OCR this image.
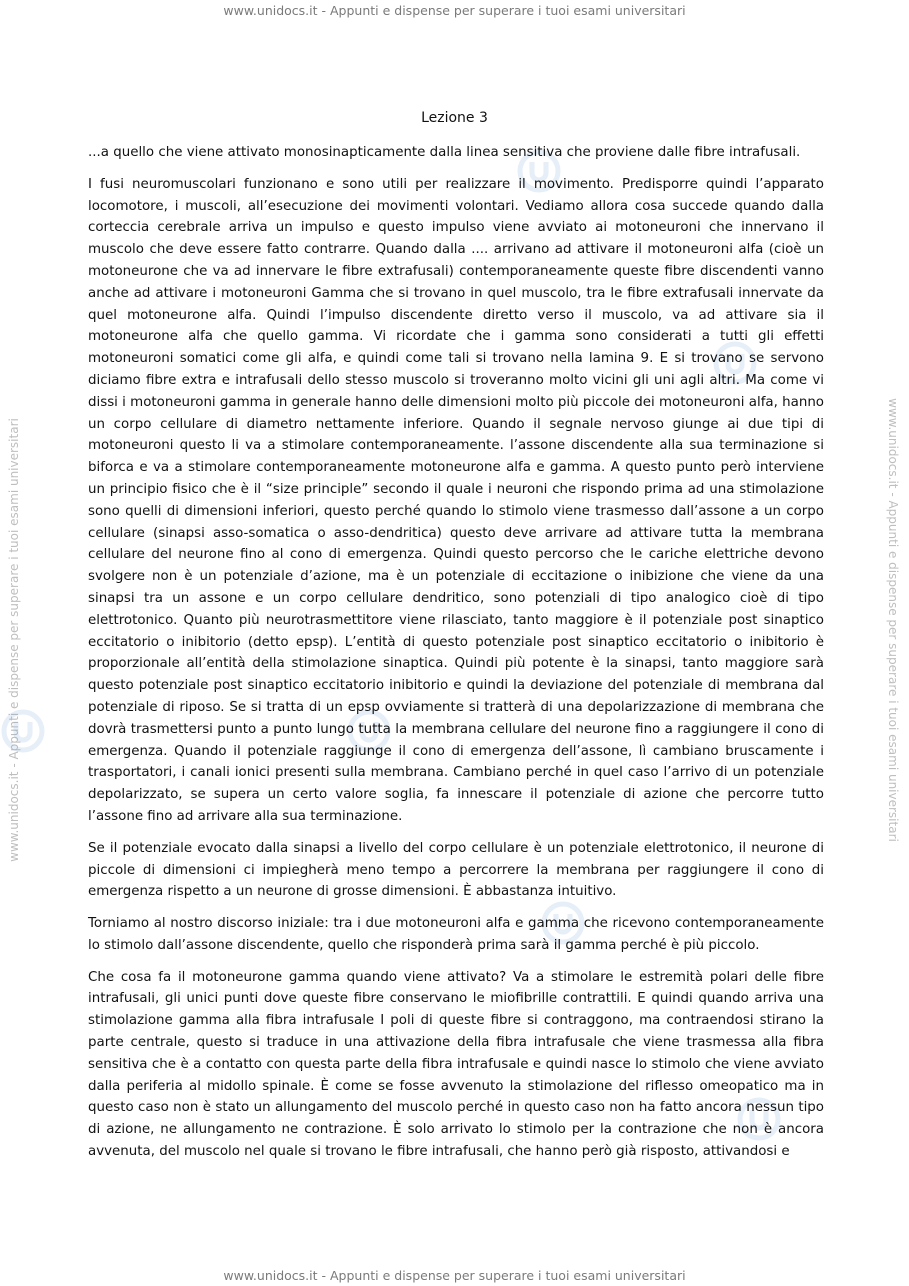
www.unidocs.it - Appunti e dispense per superare i tuoi esami universitari
www.unidocs.it - Appunti e dispense per superare i tuoi esami universitari	www.unidocs.it - Appunti e dispense per superare i tuoi esami universitari
Lezione 3

...a quello che viene attivato monosinapticamente dalla linea sensitiva che proviene dalle fibre intrafusali.

I fusi neuromuscolari funzionano e sono utili per realizzare il movimento. Predisporre quindi l’apparato locomotore, i muscoli, all’esecuzione dei movimenti volontari. Vediamo allora cosa succede quando dalla corteccia cerebrale arriva un impulso e questo impulso viene avviato ai motoneuroni che innervano il muscolo che deve essere fatto contrarre. Quando dalla .... arrivano ad attivare il motoneuroni alfa (cioè un motoneurone che va ad innervare le fibre extrafusali) contemporaneamente queste fibre discendenti vanno anche ad attivare i motoneuroni Gamma che si trovano in quel muscolo, tra le fibre extrafusali innervate da quel motoneurone alfa. Quindi l’impulso discendente diretto verso il muscolo, va ad attivare sia il motoneurone alfa che quello gamma. Vi ricordate che i gamma sono considerati a tutti gli effetti motoneuroni somatici come gli alfa, e quindi come tali si trovano nella lamina 9. E si trovano se servono diciamo fibre extra e intrafusali dello stesso muscolo si troveranno molto vicini gli uni agli altri. Ma come vi dissi i motoneuroni gamma in generale hanno delle dimensioni molto più piccole dei motoneuroni alfa, hanno un corpo cellulare di diametro nettamente inferiore. Quando il segnale nervoso giunge ai due tipi di motoneuroni questo li va a stimolare contemporaneamente. l’assone discendente alla sua terminazione si biforca e va a stimolare contemporaneamente motoneurone alfa e gamma. A questo punto però interviene un principio fisico che è il “size principle” secondo il quale i neuroni che rispondo prima ad una stimolazione sono quelli di dimensioni inferiori, questo perché quando lo stimolo viene trasmesso dall’assone a un corpo cellulare (sinapsi asso-somatica o asso-dendritica) questo deve arrivare ad attivare tutta la membrana cellulare del neurone fino al cono di emergenza. Quindi questo percorso che le cariche elettriche devono svolgere non è un potenziale d’azione, ma è un potenziale di eccitazione o inibizione che viene da una sinapsi tra un assone e un corpo cellulare dendritico, sono potenziali di tipo analogico cioè di tipo elettrotonico. Quanto più neurotrasmettitore viene rilasciato, tanto maggiore è il potenziale post sinaptico eccitatorio o inibitorio (detto epsp). L’entità di questo potenziale post sinaptico eccitatorio o inibitorio è proporzionale all’entità della stimolazione sinaptica. Quindi più potente è la sinapsi, tanto maggiore sarà questo potenziale post sinaptico eccitatorio inibitorio e quindi la deviazione del potenziale di membrana dal potenziale di riposo. Se si tratta di un epsp ovviamente si tratterà di una depolarizzazione di membrana che dovrà trasmettersi punto a punto lungo tutta la membrana cellulare del neurone fino a raggiungere il cono di emergenza. Quando il potenziale raggiunge il cono di emergenza dell’assone, lì cambiano bruscamente i trasportatori, i canali ionici presenti sulla membrana. Cambiano perché in quel caso l’arrivo di un potenziale depolarizzato, se supera un certo valore soglia, fa innescare il potenziale di azione che percorre tutto l’assone fino ad arrivare alla sua terminazione.

Se il potenziale evocato dalla sinapsi a livello del corpo cellulare è un potenziale elettrotonico, il neurone di piccole di dimensioni ci impiegherà meno tempo a percorrere la membrana per raggiungere il cono di emergenza rispetto a un neurone di grosse dimensioni. È abbastanza intuitivo.

Torniamo al nostro discorso iniziale: tra i due motoneuroni alfa e gamma che ricevono contemporaneamente lo stimolo dall’assone discendente, quello che risponderà prima sarà il gamma perché è più piccolo.

Che cosa fa il motoneurone gamma quando viene attivato? Va a stimolare le estremità polari delle fibre intrafusali, gli unici punti dove queste fibre conservano le miofibrille contrattili. E quindi quando arriva una stimolazione gamma alla fibra intrafusale I poli di queste fibre si contraggono, ma contraendosi stirano la parte centrale, questo si traduce in una attivazione della fibra intrafusale che viene trasmessa alla fibra sensitiva che è a contatto con questa parte della fibra intrafusale e quindi nasce lo stimolo che viene avviato dalla periferia al midollo spinale. È come se fosse avvenuto la stimolazione del riflesso omeopatico ma in questo caso non è stato un allungamento del muscolo perché in questo caso non ha fatto ancora nessun tipo di azione, ne allungamento ne contrazione. È solo arrivato lo stimolo per la contrazione che non è ancora avvenuta, del muscolo nel quale si trovano le fibre intrafusali, che hanno però già risposto, attivandosi e

www.unidocs.it - Appunti e dispense per superare i tuoi esami universitari
